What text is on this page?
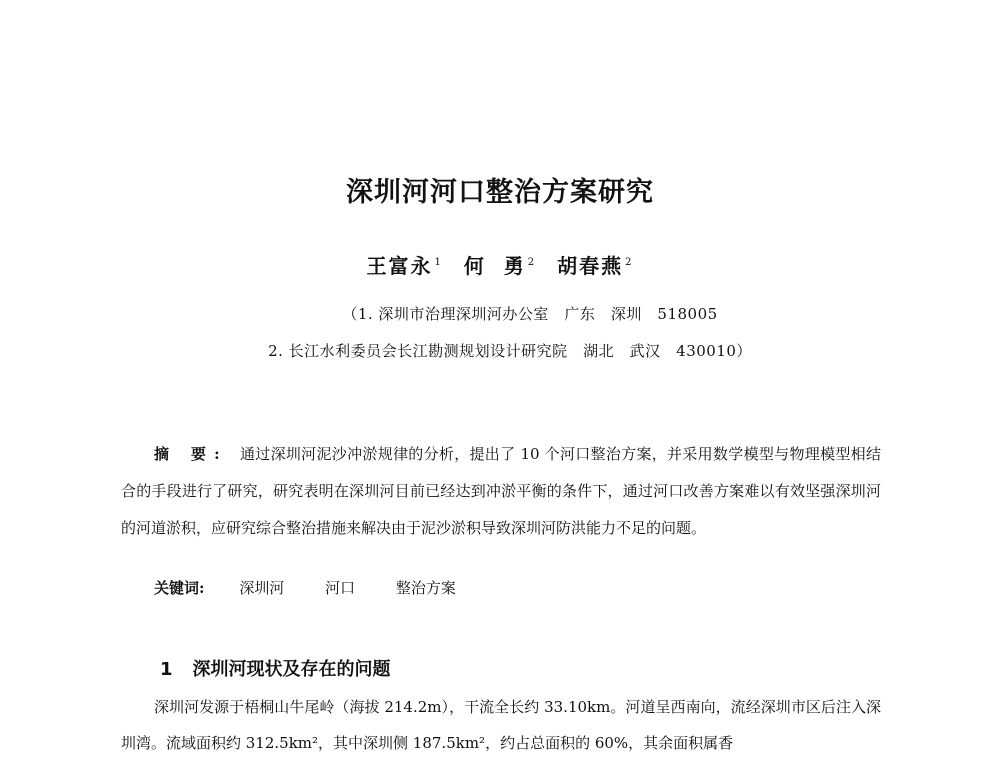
深圳河河口整治方案研究
王富永 $^1$ 何  勇 $^2$ 胡春燕 $^2$
（1. 深圳市治理深圳河办公室　广东　深圳　518005
2. 长江水利委员会长江勘测规划设计研究院　湖北　武汉　430010）

摘 要: 通过深圳河泥沙冲淤规律的分析，提出了 10 个河口整治方案，并采用数学模型与物理模型相结合的手段进行了研究，研究表明在深圳河目前已经达到冲淤平衡的条件下，通过河口改善方案难以有效坚强深圳河的河道淤积，应研究综合整治措施来解决由于泥沙淤积导致深圳河防洪能力不足的问题。

关键词: 深圳河	河口	整治方案
1 深圳河现状及存在的问题

深圳河发源于梧桐山牛尾岭（海拔 214.2m），干流全长约 33.10km。河道呈西南向，流经深圳市区后注入深圳湾。流域面积约 312.5km²，其中深圳侧 187.5km²，约占总面积的 60%，其余面积属香
